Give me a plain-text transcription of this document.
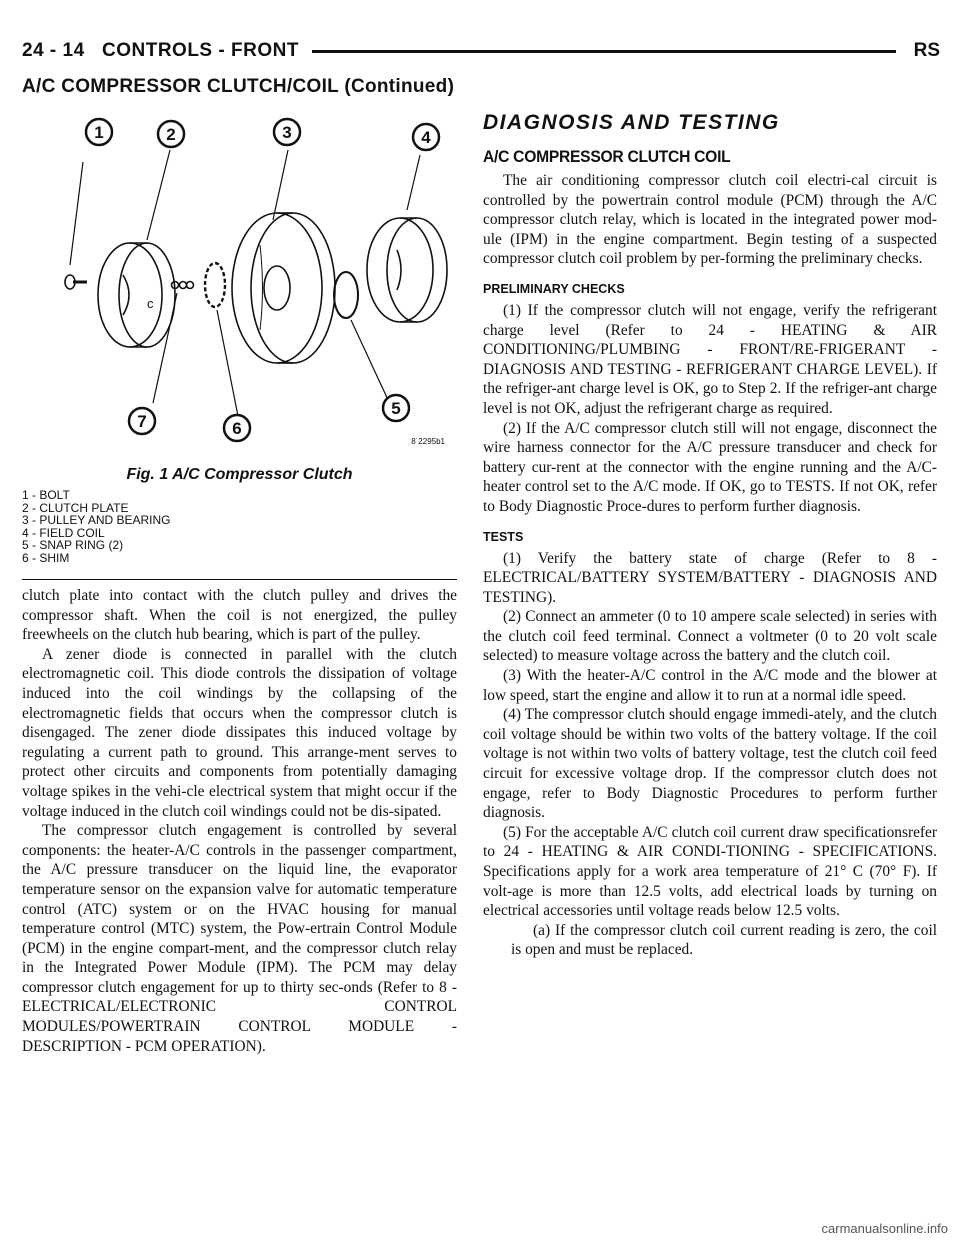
24 - 14 CONTROLS - FRONT	RS
A/C COMPRESSOR CLUTCH/COIL (Continued)
c
1	2	3	4
5
6
7
8˙2295b1
Fig. 1 A/C Compressor Clutch
1 - BOLT
2 - CLUTCH PLATE
3 - PULLEY AND BEARING
4 - FIELD COIL
5 - SNAP RING (2)
6 - SHIM

clutch plate into contact with the clutch pulley and drives the compressor shaft. When the coil is not energized, the pulley freewheels on the clutch hub bearing, which is part of the pulley.

A zener diode is connected in parallel with the clutch electromagnetic coil. This diode controls the dissipation of voltage induced into the coil windings by the collapsing of the electromagnetic fields that occurs when the compressor clutch is disengaged. The zener diode dissipates this induced voltage by regulating a current path to ground. This arrange-ment serves to protect other circuits and components from potentially damaging voltage spikes in the vehi-cle electrical system that might occur if the voltage induced in the clutch coil windings could not be dis-sipated.

The compressor clutch engagement is controlled by several components: the heater-A/C controls in the passenger compartment, the A/C pressure transducer on the liquid line, the evaporator temperature sensor on the expansion valve for automatic temperature control (ATC) system or on the HVAC housing for manual temperature control (MTC) system, the Pow-ertrain Control Module (PCM) in the engine compart-ment, and the compressor clutch relay in the Integrated Power Module (IPM). The PCM may delay compressor clutch engagement for up to thirty sec-onds (Refer to 8 - ELECTRICAL/ELECTRONIC CONTROL MODULES/POWERTRAIN CONTROL MODULE - DESCRIPTION - PCM OPERATION).

DIAGNOSIS AND TESTING
A/C COMPRESSOR CLUTCH COIL

The air conditioning compressor clutch coil electri-cal circuit is controlled by the powertrain control module (PCM) through the A/C compressor clutch relay, which is located in the integrated power mod-ule (IPM) in the engine compartment. Begin testing of a suspected compressor clutch coil problem by per-forming the preliminary checks.

PRELIMINARY CHECKS

(1) If the compressor clutch will not engage, verify the refrigerant charge level (Refer to 24 - HEATING & AIR CONDITIONING/PLUMBING - FRONT/RE-FRIGERANT - DIAGNOSIS AND TESTING - REFRIGERANT CHARGE LEVEL). If the refriger-ant charge level is OK, go to Step 2. If the refriger-ant charge level is not OK, adjust the refrigerant charge as required.

(2) If the A/C compressor clutch still will not engage, disconnect the wire harness connector for the A/C pressure transducer and check for battery cur-rent at the connector with the engine running and the A/C-heater control set to the A/C mode. If OK, go to TESTS. If not OK, refer to Body Diagnostic Proce-dures to perform further diagnosis.

TESTS

(1) Verify the battery state of charge (Refer to 8 - ELECTRICAL/BATTERY SYSTEM/BATTERY - DIAGNOSIS AND TESTING).

(2) Connect an ammeter (0 to 10 ampere scale selected) in series with the clutch coil feed terminal. Connect a voltmeter (0 to 20 volt scale selected) to measure voltage across the battery and the clutch coil.

(3) With the heater-A/C control in the A/C mode and the blower at low speed, start the engine and allow it to run at a normal idle speed.

(4) The compressor clutch should engage immedi-ately, and the clutch coil voltage should be within two volts of the battery voltage. If the coil voltage is not within two volts of battery voltage, test the clutch coil feed circuit for excessive voltage drop. If the compressor clutch does not engage, refer to Body Diagnostic Procedures to perform further diagnosis.

(5) For the acceptable A/C clutch coil current draw specificationsrefer to 24 - HEATING & AIR CONDI-TIONING - SPECIFICATIONS. Specifications apply for a work area temperature of 21° C (70° F). If volt-age is more than 12.5 volts, add electrical loads by turning on electrical accessories until voltage reads below 12.5 volts.

(a) If the compressor clutch coil current reading is zero, the coil is open and must be replaced.

carmanualsonline.info
